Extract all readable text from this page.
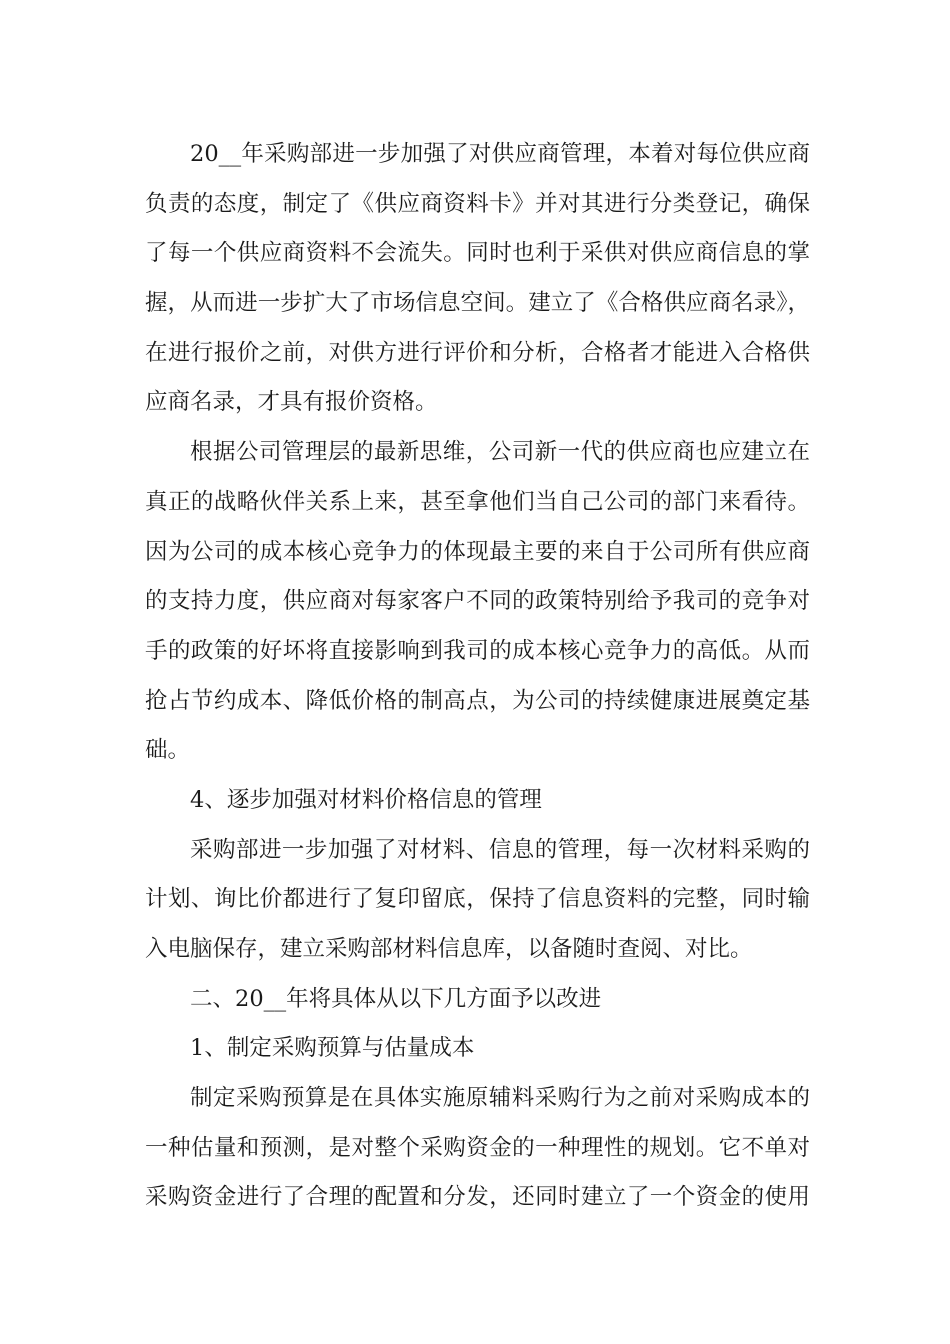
20__年采购部进一步加强了对供应商管理，本着对每位供应商
负责的态度，制定了《供应商资料卡》并对其进行分类登记，确保
了每一个供应商资料不会流失。同时也利于采供对供应商信息的掌
握，从而进一步扩大了市场信息空间。建立了《合格供应商名录》，
在进行报价之前，对供方进行评价和分析，合格者才能进入合格供
应商名录，才具有报价资格。
根据公司管理层的最新思维，公司新一代的供应商也应建立在
真正的战略伙伴关系上来，甚至拿他们当自己公司的部门来看待。
因为公司的成本核心竞争力的体现最主要的来自于公司所有供应商
的支持力度，供应商对每家客户不同的政策特别给予我司的竞争对
手的政策的好坏将直接影响到我司的成本核心竞争力的高低。从而
抢占节约成本、降低价格的制高点，为公司的持续健康进展奠定基
础。
4、逐步加强对材料价格信息的管理
采购部进一步加强了对材料、信息的管理，每一次材料采购的
计划、询比价都进行了复印留底，保持了信息资料的完整，同时输
入电脑保存，建立采购部材料信息库，以备随时查阅、对比。
二、20__年将具体从以下几方面予以改进
1、制定采购预算与估量成本
制定采购预算是在具体实施原辅料采购行为之前对采购成本的
一种估量和预测，是对整个采购资金的一种理性的规划。它不单对
采购资金进行了合理的配置和分发，还同时建立了一个资金的使用
